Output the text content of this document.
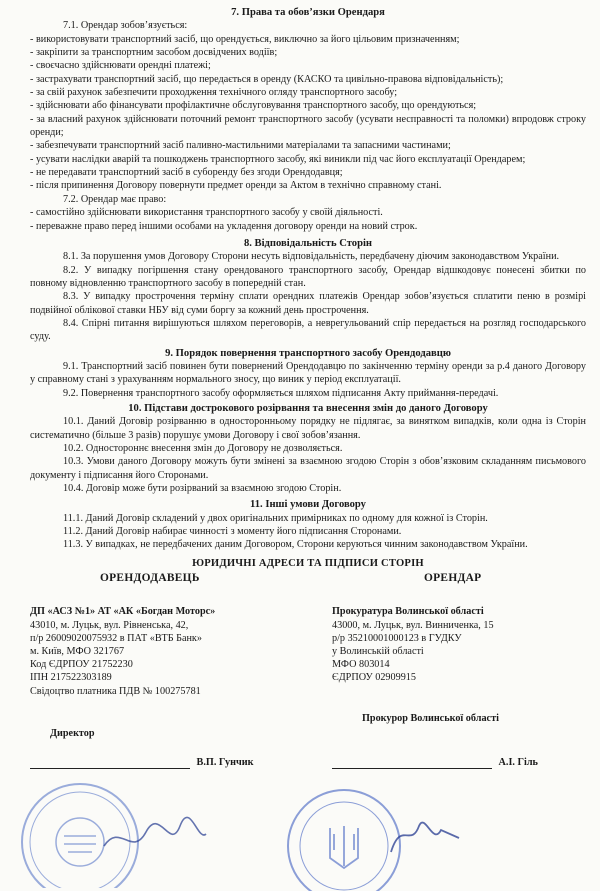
7. Права та обов’язки Орендаря

7.1. Орендар зобов’язується:

- використовувати транспортний засіб, що орендується, виключно за його цільовим призначенням;

- закріпити за транспортним засобом досвідчених водіїв;

- своєчасно здійснювати орендні платежі;

- застрахувати транспортний засіб, що передається в оренду (КАСКО та цивільно-правова відповідальність);

- за свій рахунок забезпечити проходження технічного огляду транспортного засобу;

- здійснювати або фінансувати профілактичне обслуговування транспортного засобу, що орендуються;

- за власний рахунок здійснювати поточний ремонт транспортного засобу (усувати несправності та поломки) впродовж строку оренди;

- забезпечувати транспортний засіб паливно-мастильними матеріалами та запасними частинами;

- усувати наслідки аварій та пошкоджень транспортного засобу, які виникли під час його експлуатації Орендарем;

- не передавати транспортний засіб в суборенду без згоди Орендодавця;

- після припинення Договору повернути предмет оренди за Актом в технічно справному стані.

7.2. Орендар має право:

- самостійно здійснювати використання транспортного засобу у своїй діяльності.

- переважне право перед іншими особами на укладення договору оренди на новий строк.

8. Відповідальність Сторін

8.1. За порушення умов Договору Сторони несуть відповідальність, передбачену діючим законодавством України.

8.2. У випадку погіршення стану орендованого транспортного засобу, Орендар відшкодовує понесені збитки по повному відновленню транспортного засобу в попередній стан.

8.3. У випадку прострочення терміну сплати орендних платежів Орендар зобов’язується сплатити пеню в розмірі подвійної облікової ставки НБУ від суми боргу за кожний день прострочення.

8.4. Спірні питання вирішуються шляхом переговорів, а неврегульований спір передається на розгляд господарського суду.

9. Порядок повернення транспортного засобу Орендодавцю

9.1. Транспортний засіб повинен бути повернений Орендодавцю по закінченню терміну оренди за р.4 даного Договору у справному стані з урахуванням нормального зносу, що виник у період експлуатації.

9.2. Повернення транспортного засобу оформляється шляхом підписання Акту приймання-передачі.

10. Підстави дострокового розірвання та внесення змін до даного Договору

10.1. Даний Договір розірванню в односторонньому порядку не підлягає, за винятком випадків, коли одна із Сторін систематично (більше 3 разів) порушує умови Договору і свої зобов’язання.

10.2. Одностороннє внесення змін до Договору не дозволяється.

10.3. Умови даного Договору можуть бути змінені за взаємною згодою Сторін з обов’язковим складанням письмового документу і підписання його Сторонами.

10.4. Договір може бути розірваний за взаємною згодою Сторін.

11. Інші умови Договору

11.1. Даний Договір складений у двох оригінальних примірниках по одному для кожної із Сторін.

11.2. Даний Договір набирає чинності з моменту його підписання Сторонами.

11.3. У випадках, не передбачених даним Договором, Сторони керуються чинним законодавством України.

ЮРИДИЧНІ АДРЕСИ ТА ПІДПИСИ СТОРІН
ОРЕНДОДАВЕЦЬ
ДП «АСЗ №1» АТ «АК «Богдан Моторс»
43010, м. Луцьк, вул. Рівненська, 42,
п/р 26009020075932 в ПАТ «ВТБ Банк»
м. Київ, МФО 321767
Код ЄДРПОУ 21752230
ІПН 217522303189
Свідоцтво платника ПДВ № 100275781
Директор
В.П. Гунчик
ОРЕНДАР
Прокуратура Волинської області
43000, м. Луцьк, вул. Винниченка, 15
р/р 35210001000123 в ГУДКУ
у Волинській області
МФО 803014
ЄДРПОУ 02909915
Прокурор Волинської області
А.І. Гіль
